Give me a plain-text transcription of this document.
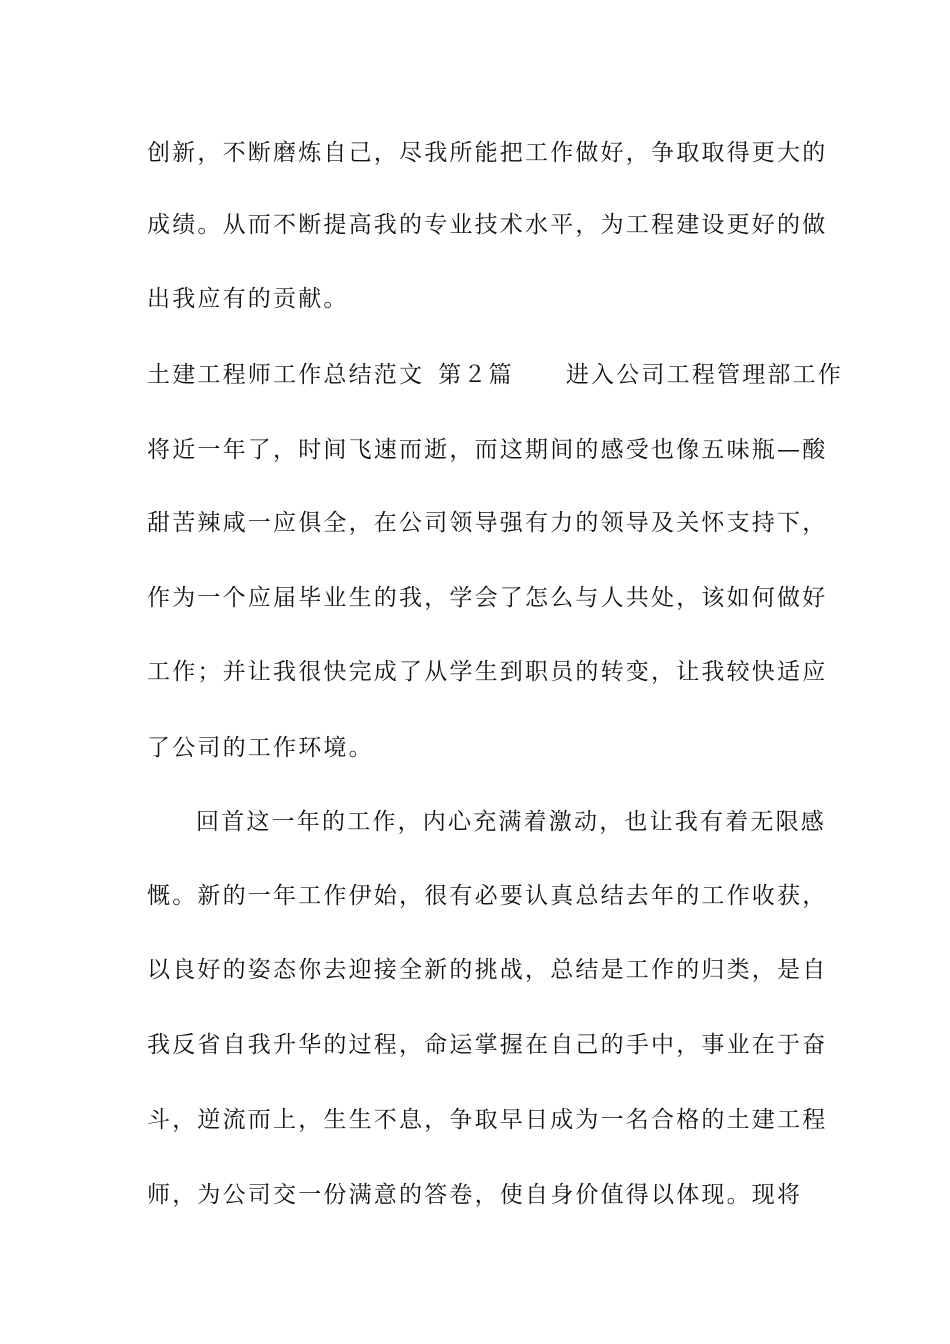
创新，不断磨炼自己，尽我所能把工作做好，争取取得更大的
成绩。从而不断提高我的专业技术水平，为工程建设更好的做
出我应有的贡献。
土建工程师工作总结范文 第２篇 进入公司工程管理部工作
将近一年了，时间飞速而逝，而这期间的感受也像五味瓶—酸
甜苦辣咸一应俱全，在公司领导强有力的领导及关怀支持下，
作为一个应届毕业生的我，学会了怎么与人共处，该如何做好
工作；并让我很快完成了从学生到职员的转变，让我较快适应
了公司的工作环境。
回首这一年的工作，内心充满着激动，也让我有着无限感
慨。新的一年工作伊始，很有必要认真总结去年的工作收获，
以良好的姿态你去迎接全新的挑战，总结是工作的归类，是自
我反省自我升华的过程，命运掌握在自己的手中，事业在于奋
斗，逆流而上，生生不息，争取早日成为一名合格的土建工程
师，为公司交一份满意的答卷，使自身价值得以体现。现将
